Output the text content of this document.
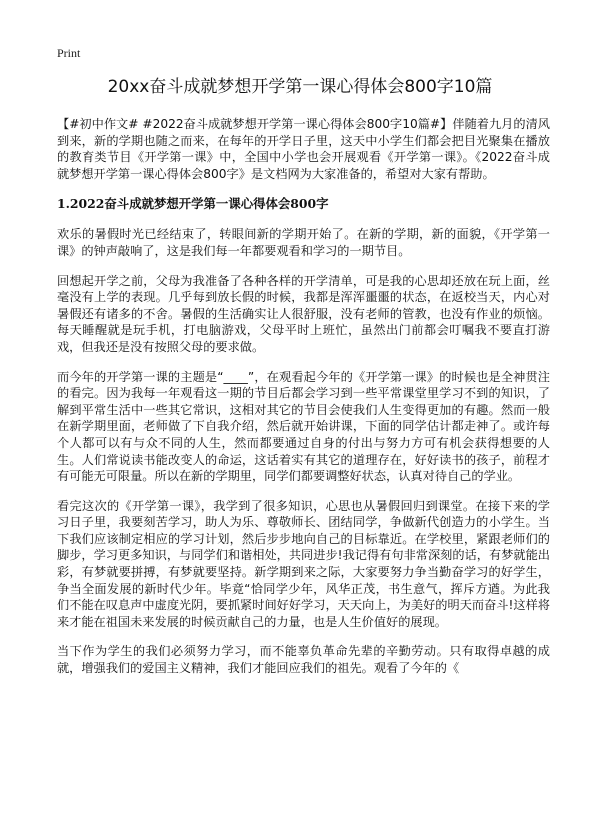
Print
20xx奋斗成就梦想开学第一课心得体会800字10篇

【#初中作文# #2022奋斗成就梦想开学第一课心得体会800字10篇#】伴随着九月的清风到来，新的学期也随之而来，在每年的开学日子里，这天中小学生们都会把目光聚集在播放的教育类节目《开学第一课》中，全国中小学也会开展观看《开学第一课》。《2022奋斗成就梦想开学第一课心得体会800字》是文档网为大家准备的，希望对大家有帮助。

1.2022奋斗成就梦想开学第一课心得体会800字

欢乐的暑假时光已经结束了，转眼间新的学期开始了。在新的学期，新的面貌，《开学第一课》的钟声敲响了，这是我们每一年都要观看和学习的一期节目。

回想起开学之前，父母为我准备了各种各样的开学清单，可是我的心思却还放在玩上面，丝毫没有上学的表现。几乎每到放长假的时候，我都是浑浑噩噩的状态，在返校当天，内心对暑假还有诸多的不舍。暑假的生活确实让人很舒服，没有老师的管教，也没有作业的烦恼。每天睡醒就是玩手机，打电脑游戏，父母平时上班忙，虽然出门前都会叮嘱我不要直打游戏，但我还是没有按照父母的要求做。

而今年的开学第一课的主题是“____”，在观看起今年的《开学第一课》的时候也是全神贯注的看完。因为我每一年观看这一期的节目后都会学习到一些平常课堂里学习不到的知识，了解到平常生活中一些其它常识，这相对其它的节目会使我们人生变得更加的有趣。然而一般在新学期里面，老师做了下自我介绍，然后就开始讲课，下面的同学估计都走神了。或许每个人都可以有与众不同的人生，然而都要通过自身的付出与努力方可有机会获得想要的人生。人们常说读书能改变人的命运，这话着实有其它的道理存在，好好读书的孩子，前程才有可能无可限量。所以在新的学期里，同学们都要调整好状态，认真对待自己的学业。

看完这次的《开学第一课》，我学到了很多知识，心思也从暑假回归到课堂。在接下来的学习日子里，我要刻苦学习，助人为乐、尊敬师长、团结同学，争做新代创造力的小学生。当下我们应该制定相应的学习计划，然后步步地向自己的目标靠近。在学校里，紧跟老师们的脚步，学习更多知识，与同学们和谐相处，共同进步!我记得有句非常深刻的话，有梦就能出彩，有梦就要拼搏，有梦就要坚持。新学期到来之际，大家要努力争当勤奋学习的好学生，争当全面发展的新时代少年。毕竟“恰同学少年，风华正茂，书生意气，挥斥方遒。为此我们不能在叹息声中虚度光阴，要抓紧时间好好学习，天天向上，为美好的明天而奋斗!这样将来才能在祖国未来发展的时候贡献自己的力量，也是人生价值好的展现。

当下作为学生的我们必须努力学习，而不能辜负革命先辈的辛勤劳动。只有取得卓越的成就，增强我们的爱国主义精神，我们才能回应我们的祖先。观看了今年的《
